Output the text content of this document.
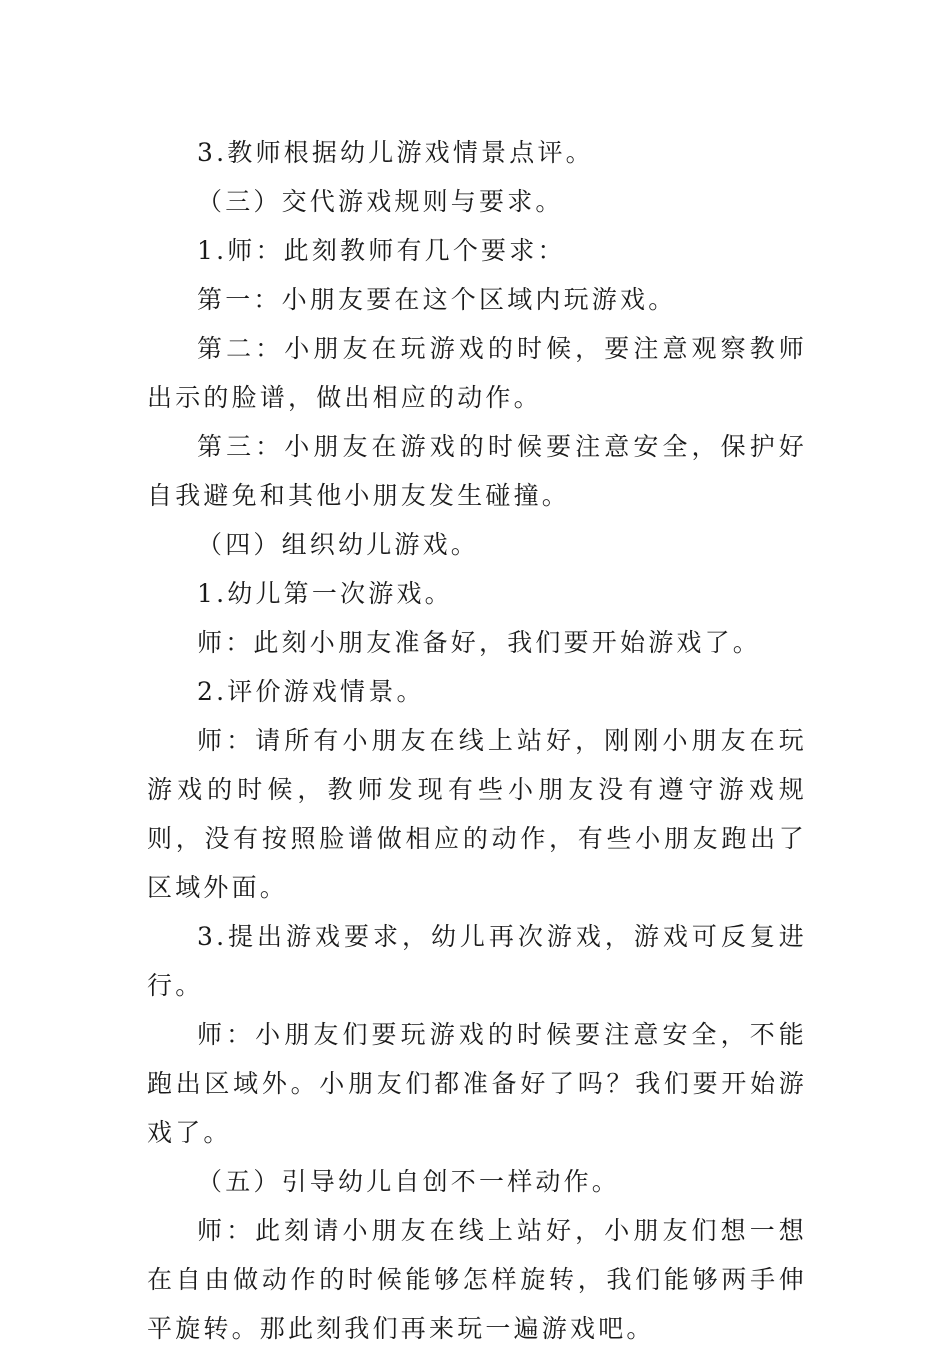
3.教师根据幼儿游戏情景点评。

（三）交代游戏规则与要求。

1.师：此刻教师有几个要求：

第一：小朋友要在这个区域内玩游戏。

第二：小朋友在玩游戏的时候，要注意观察教师出示的脸谱，做出相应的动作。

第三：小朋友在游戏的时候要注意安全，保护好自我避免和其他小朋友发生碰撞。

（四）组织幼儿游戏。

1.幼儿第一次游戏。

师：此刻小朋友准备好，我们要开始游戏了。

2.评价游戏情景。

师：请所有小朋友在线上站好，刚刚小朋友在玩游戏的时候，教师发现有些小朋友没有遵守游戏规则，没有按照脸谱做相应的动作，有些小朋友跑出了区域外面。

3.提出游戏要求，幼儿再次游戏，游戏可反复进行。

师：小朋友们要玩游戏的时候要注意安全，不能跑出区域外。小朋友们都准备好了吗？我们要开始游戏了。

（五）引导幼儿自创不一样动作。

师：此刻请小朋友在线上站好，小朋友们想一想在自由做动作的时候能够怎样旋转，我们能够两手伸平旋转。那此刻我们再来玩一遍游戏吧。
